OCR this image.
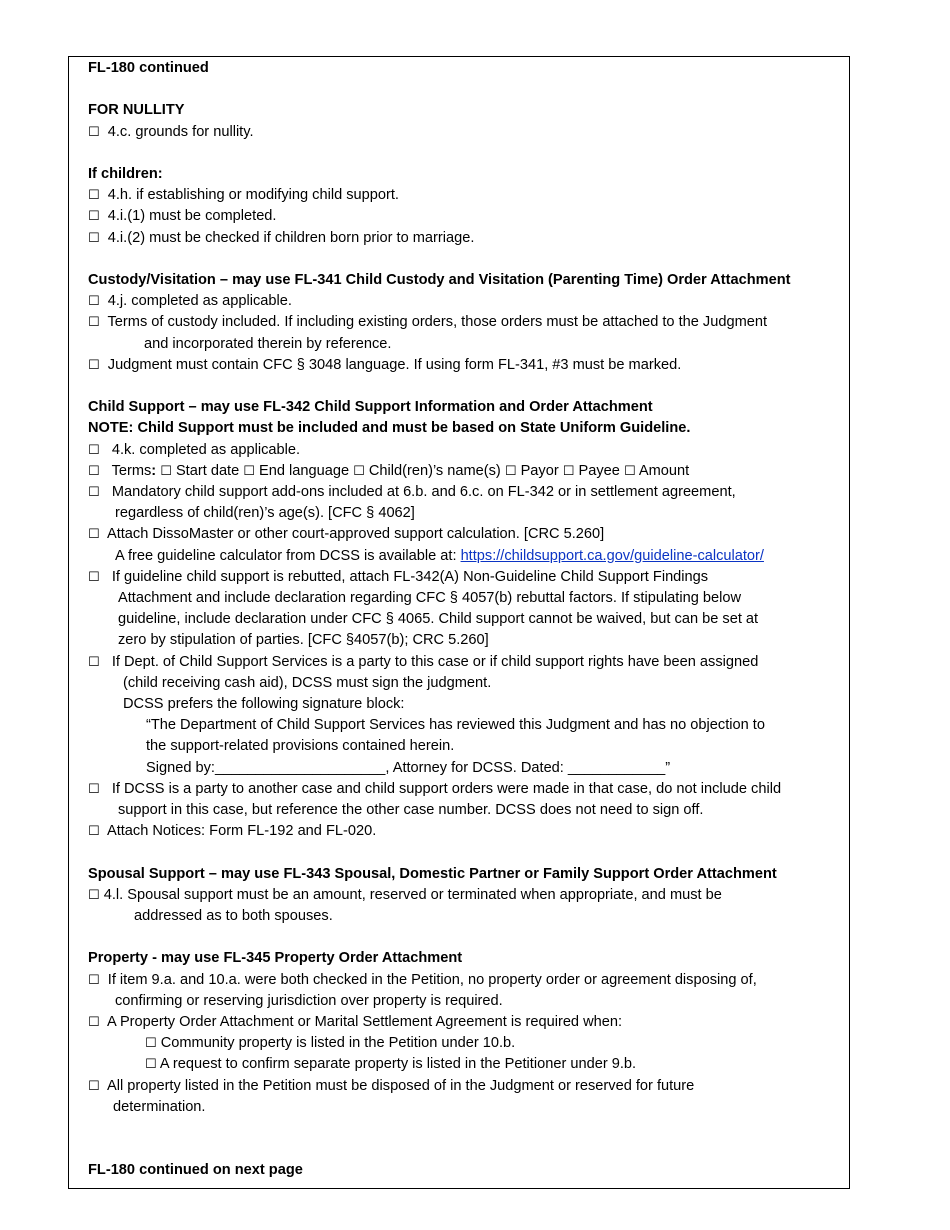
FL-180 continued
FOR NULLITY
☐ 4.c. grounds for nullity.
If children:
☐ 4.h. if establishing or modifying child support.
☐ 4.i.(1) must be completed.
☐ 4.i.(2) must be checked if children born prior to marriage.
Custody/Visitation – may use FL-341 Child Custody and Visitation (Parenting Time) Order Attachment
☐ 4.j. completed as applicable.
☐ Terms of custody included. If including existing orders, those orders must be attached to the Judgment
and incorporated therein by reference.
☐ Judgment must contain CFC § 3048 language. If using form FL-341, #3 must be marked.
Child Support – may use FL-342 Child Support Information and Order Attachment
NOTE: Child Support must be included and must be based on State Uniform Guideline.
☐ 4.k. completed as applicable.
☐ Terms: ☐ Start date ☐ End language ☐ Child(ren)’s name(s) ☐ Payor ☐ Payee ☐ Amount
☐ Mandatory child support add-ons included at 6.b. and 6.c. on FL-342 or in settlement agreement,
regardless of child(ren)’s age(s). [CFC § 4062]
☐ Attach DissoMaster or other court-approved support calculation. [CRC 5.260]
A free guideline calculator from DCSS is available at: https://childsupport.ca.gov/guideline-calculator/
☐ If guideline child support is rebutted, attach FL-342(A) Non-Guideline Child Support Findings
Attachment and include declaration regarding CFC § 4057(b) rebuttal factors. If stipulating below
guideline, include declaration under CFC § 4065. Child support cannot be waived, but can be set at
zero by stipulation of parties. [CFC §4057(b); CRC 5.260]
☐ If Dept. of Child Support Services is a party to this case or if child support rights have been assigned
(child receiving cash aid), DCSS must sign the judgment.
DCSS prefers the following signature block:
“The Department of Child Support Services has reviewed this Judgment and has no objection to
the support-related provisions contained herein.
Signed by:_____________________, Attorney for DCSS. Dated: ____________”
☐ If DCSS is a party to another case and child support orders were made in that case, do not include child
support in this case, but reference the other case number. DCSS does not need to sign off.
☐ Attach Notices: Form FL-192 and FL-020.
Spousal Support – may use FL-343 Spousal, Domestic Partner or Family Support Order Attachment
☐ 4.l. Spousal support must be an amount, reserved or terminated when appropriate, and must be
addressed as to both spouses.
Property - may use FL-345 Property Order Attachment
☐ If item 9.a. and 10.a. were both checked in the Petition, no property order or agreement disposing of,
confirming or reserving jurisdiction over property is required.
☐ A Property Order Attachment or Marital Settlement Agreement is required when:
☐ Community property is listed in the Petition under 10.b.
☐ A request to confirm separate property is listed in the Petitioner under 9.b.
☐ All property listed in the Petition must be disposed of in the Judgment or reserved for future
determination.
FL-180 continued on next page
